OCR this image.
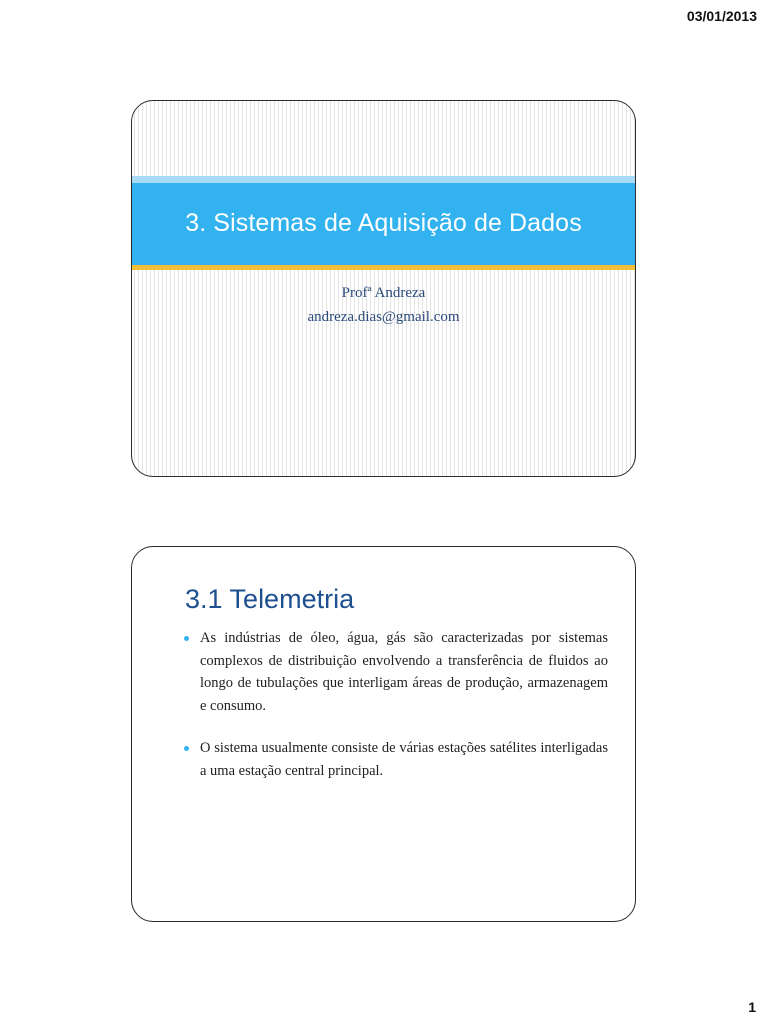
03/01/2013
3. Sistemas de Aquisição de Dados
Profª Andreza
andreza.dias@gmail.com
3.1 Telemetria
As indústrias de óleo, água, gás são caracterizadas por sistemas complexos de distribuição envolvendo a transferência de fluidos ao longo de tubulações que interligam áreas de produção, armazenagem e consumo.
O sistema usualmente consiste de várias estações satélites interligadas a uma estação central principal.
1
